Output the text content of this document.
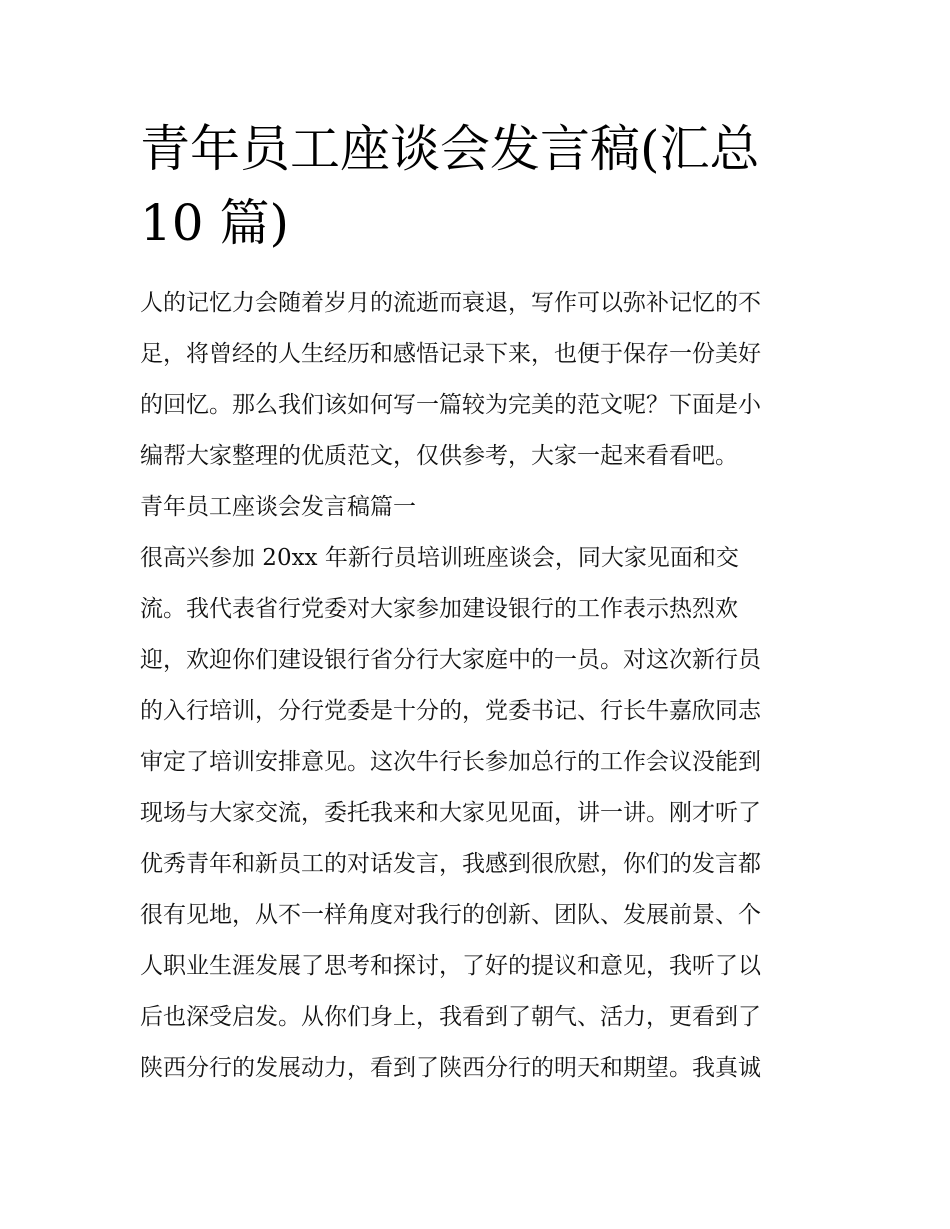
青年员工座谈会发言稿(汇总
10 篇)
人的记忆力会随着岁月的流逝而衰退，写作可以弥补记忆的不
足，将曾经的人生经历和感悟记录下来，也便于保存一份美好
的回忆。那么我们该如何写一篇较为完美的范文呢？下面是小
编帮大家整理的优质范文，仅供参考，大家一起来看看吧。
青年员工座谈会发言稿篇一
很高兴参加 20xx 年新行员培训班座谈会，同大家见面和交
流。我代表省行党委对大家参加建设银行的工作表示热烈欢
迎，欢迎你们建设银行省分行大家庭中的一员。对这次新行员
的入行培训，分行党委是十分的，党委书记、行长牛嘉欣同志
审定了培训安排意见。这次牛行长参加总行的工作会议没能到
现场与大家交流，委托我来和大家见见面，讲一讲。刚才听了
优秀青年和新员工的对话发言，我感到很欣慰，你们的发言都
很有见地，从不一样角度对我行的创新、团队、发展前景、个
人职业生涯发展了思考和探讨，了好的提议和意见，我听了以
后也深受启发。从你们身上，我看到了朝气、活力，更看到了
陕西分行的发展动力，看到了陕西分行的明天和期望。我真诚
